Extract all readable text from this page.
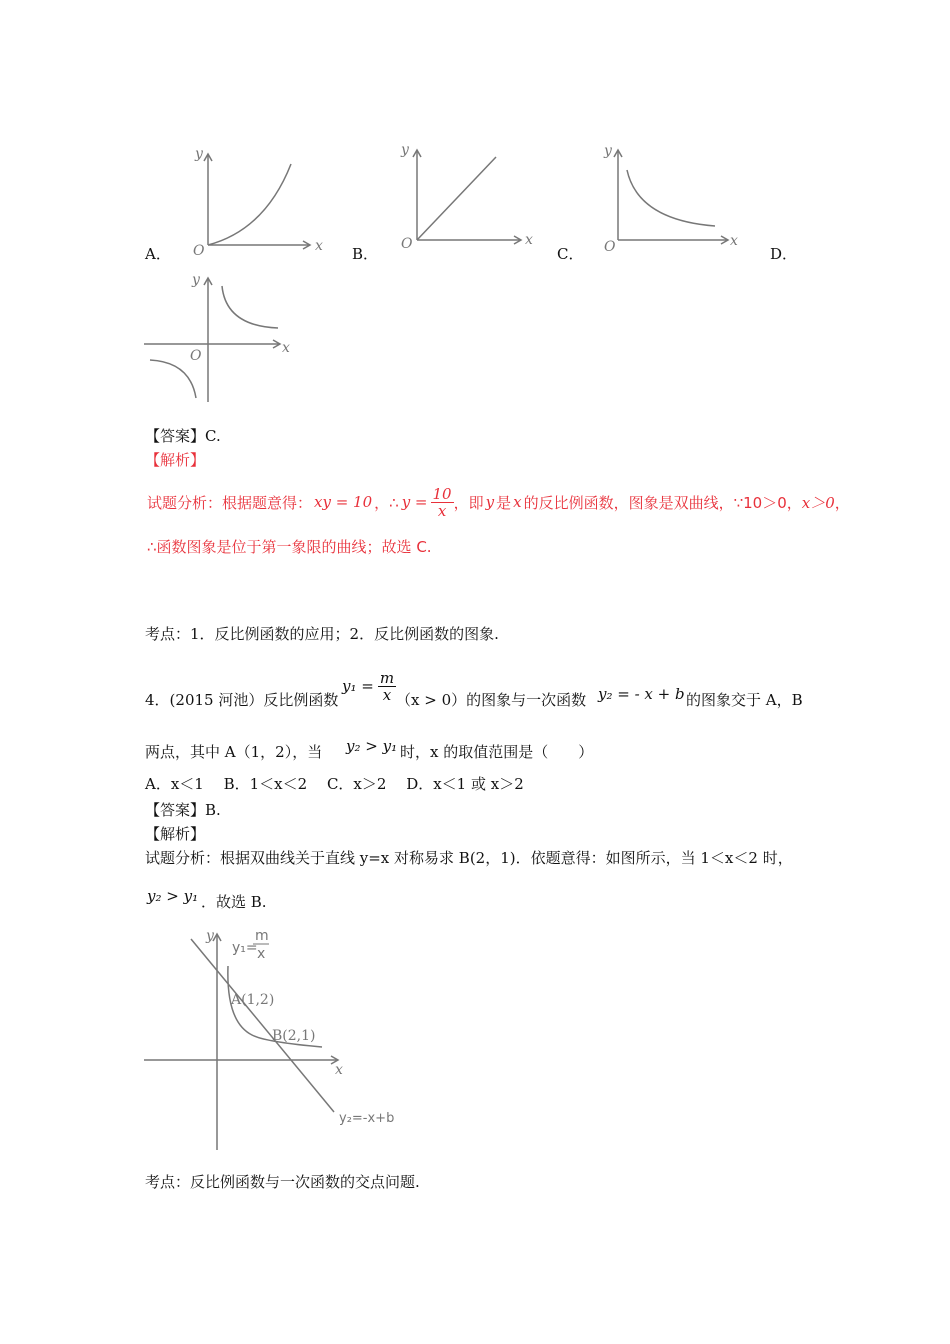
A．
y
x
O	B．
y
x
O
C．
y
x
O	D．
y
x
O
【答案】C.
【解析】
试题分析：根据题意得： xy = 10 ，∴ $y = \frac{10}{x}$ ，即 y 是 x 的反比例函数，图象是双曲线，∵10＞0， x＞0 ，
∴函数图象是位于第一象限的曲线；故选 C.
考点：1．反比例函数的应用；2．反比例函数的图象.
4．(2015 河池）反比例函数
$y_1 = \frac{m}{x} (x > 0)$的图象与一次函数 y₂ = - x + b 的图象交于 A，B
两点，其中 A（1，2），当 y₂ > y₁ 时，x 的取值范围是（　　）
A．x＜1　 B．1＜x＜2　 C．x＞2　 D．x＜1 或 x＞2
【答案】B.
【解析】
试题分析：根据双曲线关于直线 y=x 对称易求 B(2，1)．依题意得：如图所示，当 1＜x＜2 时，
y₂ > y₁ ．故选 B.
y
x
y₁=
m
x
A(1,2)
B(2,1)
y₂=-x+b
考点：反比例函数与一次函数的交点问题.
